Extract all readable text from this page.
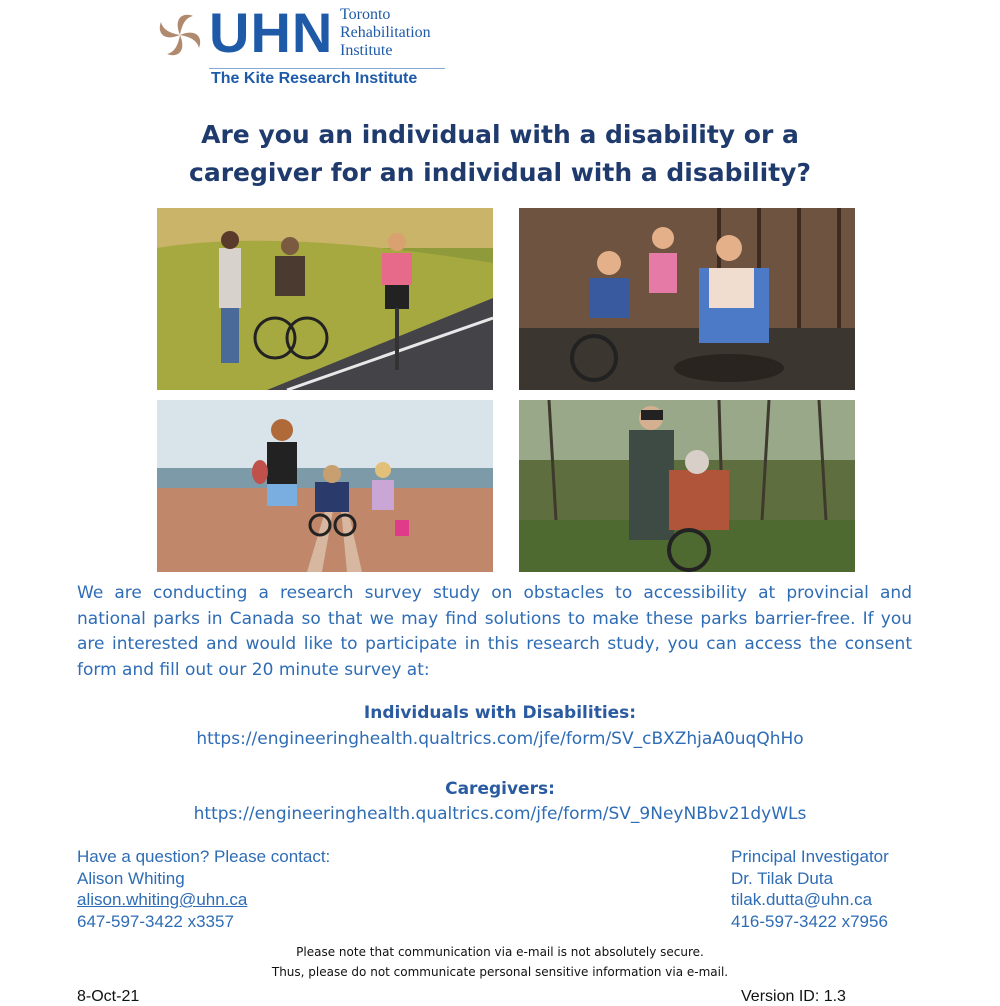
UHN Toronto
Rehabilitation
Institute
The Kite Research Institute
Are you an individual with a disability or a
caregiver for an individual with a disability?
We are conducting a research survey study on obstacles to accessibility at provincial and national parks in Canada so that we may find solutions to make these parks barrier-free. If you are interested and would like to participate in this research study, you can access the consent form and fill out our 20 minute survey at:
Individuals with Disabilities:
https://engineeringhealth.qualtrics.com/jfe/form/SV_cBXZhjaA0uqQhHo
Caregivers:
https://engineeringhealth.qualtrics.com/jfe/form/SV_9NeyNBbv21dyWLs
Have a question? Please contact:
Alison Whiting
alison.whiting@uhn.ca
647-597-3422 x3357
Principal Investigator
Dr. Tilak Duta
tilak.dutta@uhn.ca
416-597-3422 x7956
Please note that communication via e-mail is not absolutely secure.
Thus, please do not communicate personal sensitive information via e-mail.
8-Oct-21	Version ID: 1.3
